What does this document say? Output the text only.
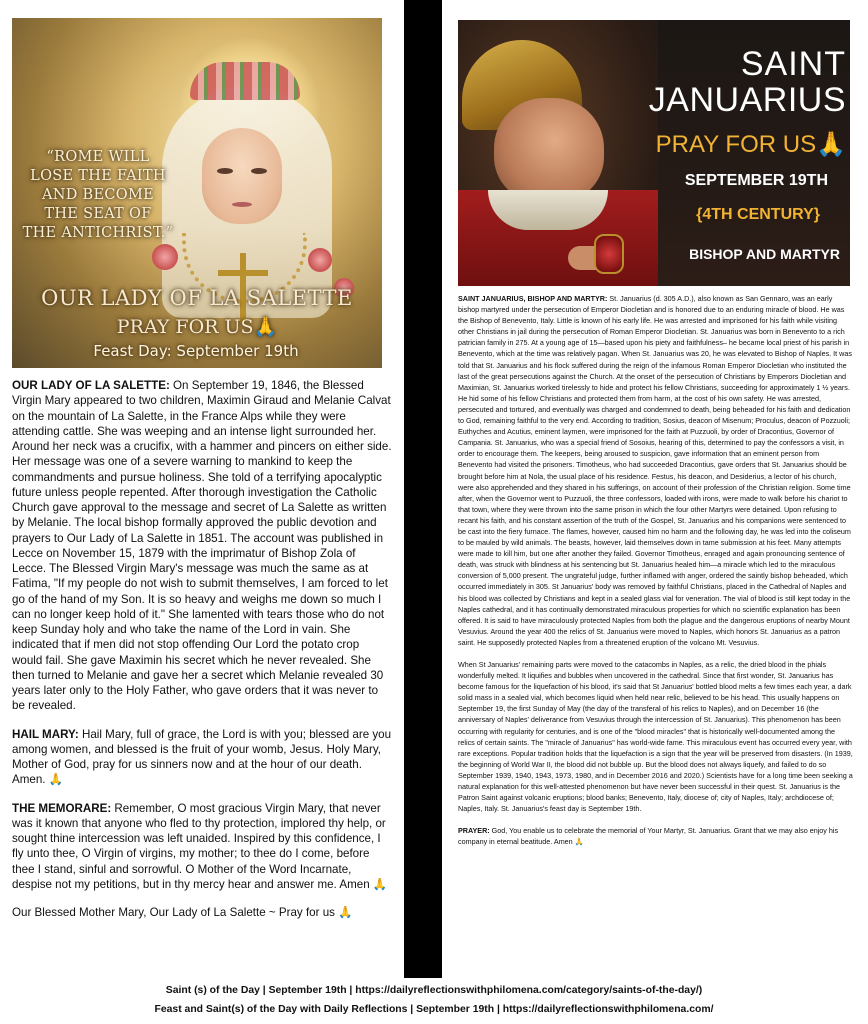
“ROME WILL
LOSE THE FAITH
AND BECOME
THE SEAT OF
THE ANTICHRIST.”
OUR LADY OF LA SALETTE
PRAY FOR US🙏
Feast Day: September 19th

OUR LADY OF LA SALETTE: On September 19, 1846, the Blessed Virgin Mary appeared to two children, Maximin Giraud and Melanie Calvat on the mountain of La Salette, in the France Alps while they were attending cattle. She was weeping and an intense light surrounded her. Around her neck was a crucifix, with a hammer and pincers on either side. Her message was one of a severe warning to mankind to keep the commandments and pursue holiness. She told of a terrifying apocalyptic future unless people repented. After thorough investigation the Catholic Church gave approval to the message and secret of La Salette as written by Melanie. The local bishop formally approved the public devotion and prayers to Our Lady of La Salette in 1851. The account was published in Lecce on November 15, 1879 with the imprimatur of Bishop Zola of Lecce. The Blessed Virgin Mary's message was much the same as at Fatima, "If my people do not wish to submit themselves, I am forced to let go of the hand of my Son. It is so heavy and weighs me down so much I can no longer keep hold of it." She lamented with tears those who do not keep Sunday holy and who take the name of the Lord in vain. She indicated that if men did not stop offending Our Lord the potato crop would fail. She gave Maximin his secret which he never revealed. She then turned to Melanie and gave her a secret which Melanie revealed 30 years later only to the Holy Father, who gave orders that it was never to be revealed.

HAIL MARY: Hail Mary, full of grace, the Lord is with you; blessed are you among women, and blessed is the fruit of your womb, Jesus. Holy Mary, Mother of God, pray for us sinners now and at the hour of our death. Amen. 🙏

THE MEMORARE: Remember, O most gracious Virgin Mary, that never was it known that anyone who fled to thy protection, implored thy help, or sought thine intercession was left unaided. Inspired by this confidence, I fly unto thee, O Virgin of virgins, my mother; to thee do I come, before thee I stand, sinful and sorrowful. O Mother of the Word Incarnate, despise not my petitions, but in thy mercy hear and answer me. Amen 🙏

Our Blessed Mother Mary, Our Lady of La Salette ~ Pray for us 🙏

SAINT
JANUARIUS
PRAY FOR US🙏
SEPTEMBER 19TH
{4TH CENTURY}
BISHOP AND MARTYR

SAINT JANUARIUS, BISHOP AND MARTYR: St. Januarius (d. 305 A.D.), also known as San Gennaro, was an early bishop martyred under the persecution of Emperor Diocletian and is honored due to an enduring miracle of blood. He was the Bishop of Benevento, Italy. Little is known of his early life. He was arrested and imprisoned for his faith while visiting other Christians in jail during the persecution of Roman Emperor Diocletian. St. Januarius was born in Benevento to a rich patrician family in 275. At a young age of 15—based upon his piety and faithfulness– he became local priest of his parish in Benevento, which at the time was relatively pagan. When St. Januarius was 20, he was elevated to Bishop of Naples. It was told that St. Januarius and his flock suffered during the reign of the infamous Roman Emperor Diocletian who instituted the last of the great persecutions against the Church. At the onset of the persecution of Christians by Emperors Diocletian and Maximian, St. Januarius worked tirelessly to hide and protect his fellow Christians, succeeding for approximately 1 ½ years. He hid some of his fellow Christians and protected them from harm, at the cost of his own safety. He was arrested, persecuted and tortured, and eventually was charged and condemned to death, being beheaded for his faith and dedication to God, remaining faithful to the very end. According to tradition, Sosius, deacon of Misenum; Proculus, deacon of Pozzuoli; Euthyches and Acutius, eminent laymen, were imprisoned for the faith at Puzzuoli, by order of Dracontius, Governor of Campania. St. Januarius, who was a special friend of Sosoius, hearing of this, determined to pay the confessors a visit, in order to encourage them. The keepers, being aroused to suspicion, gave information that an eminent person from Benevento had visited the prisoners. Timotheus, who had succeeded Dracontius, gave orders that St. Januarius should be brought before him at Nola, the usual place of his residence. Festus, his deacon, and Desiderius, a lector of his church, were also apprehended and they shared in his sufferings, on account of their profession of the Christian religion. Some time after, when the Governor went to Puzzuoli, the three confessors, loaded with irons, were made to walk before his chariot to that town, where they were thrown into the same prison in which the four other Martyrs were detained. Upon refusing to recant his faith, and his constant assertion of the truth of the Gospel, St. Januarius and his companions were sentenced to be cast into the fiery furnace. The flames, however, caused him no harm and the following day, he was led into the coliseum to be mauled by wild animals. The beasts, however, laid themselves down in tame submission at his feet. Many attempts were made to kill him, but one after another they failed. Governor Timotheus, enraged and again pronouncing sentence of death, was struck with blindness at his sentencing but St. Januarius healed him—a miracle which led to the miraculous conversion of 5,000 present. The ungrateful judge, further inflamed with anger, ordered the saintly bishop beheaded, which occurred immediately in 305. St Januarius' body was removed by faithful Christians, placed in the Cathedral of Naples and his blood was collected by Christians and kept in a sealed glass vial for veneration. The vial of blood is still kept today in the Naples cathedral, and it has continually demonstrated miraculous properties for which no scientific explanation has been offered. It is said to have miraculously protected Naples from both the plague and the dangerous eruptions of nearby Mount Vesuvius. Around the year 400 the relics of St. Januarius were moved to Naples, which honors St. Januarius as a patron saint. He supposedly protected Naples from a threatened eruption of the volcano Mt. Vesuvius.

When St Januarius' remaining parts were moved to the catacombs in Naples, as a relic, the dried blood in the phials wonderfully melted. It liquifies and bubbles when uncovered in the cathedral. Since that first wonder, St. Januarius has become famous for the liquefaction of his blood, it's said that St Januarius' bottled blood melts a few times each year, a dark solid mass in a sealed vial, which becomes liquid when held near relic, believed to be his head. This usually happens on September 19, the first Sunday of May (the day of the transferal of his relics to Naples), and on December 16 (the anniversary of Naples' deliverance from Vesuvius through the intercession of St. Januarius). This phenomenon has been occurring with regularity for centuries, and is one of the "blood miracles" that is historically well-documented among the relics of certain saints. The "miracle of Januarius" has world-wide fame. This miraculous event has occurred every year, with rare exceptions. Popular tradition holds that the liquefaction is a sign that the year will be preserved from disasters. (In 1939, the beginning of World War II, the blood did not bubble up. But the blood does not always liquefy, and failed to do so September 1939, 1940, 1943, 1973, 1980, and in December 2016 and 2020.) Scientists have for a long time been seeking a natural explanation for this well-attested phenomenon but have never been successful in their quest. St. Januarius is the Patron Saint against volcanic eruptions; blood banks; Benevento, Italy, diocese of; city of Naples, Italy; archdiocese of; Naples, Italy. St. Januarius's feast day is September 19th.

PRAYER: God, You enable us to celebrate the memorial of Your Martyr, St. Januarius. Grant that we may also enjoy his company in eternal beatitude. Amen 🙏

Saint (s) of the Day | September 19th | https://dailyreflectionswithphilomena.com/category/saints-of-the-day/)
Feast and Saint(s) of the Day with Daily Reflections | September 19th | https://dailyreflectionswithphilomena.com/
